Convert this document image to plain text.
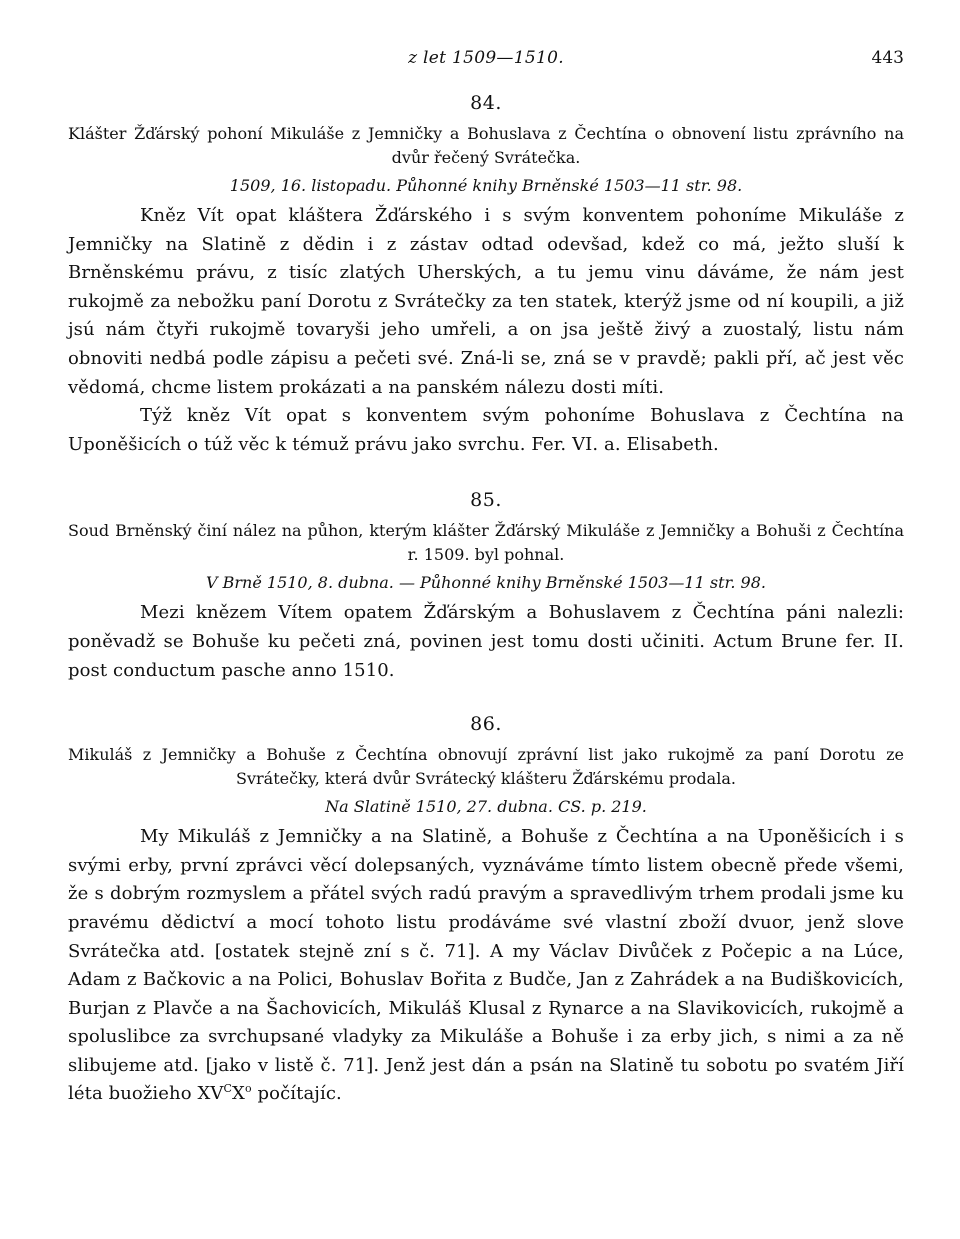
z let 1509—1510.	443
84.

Klášter Žďárský pohoní Mikuláše z Jemničky a Bohuslava z Čechtína o obnovení listu zprávního na dvůr řečený Svrátečka.

1509, 16. listopadu. Půhonné knihy Brněnské 1503—11 str. 98.

Kněz Vít opat kláštera Žďárského i s svým konventem pohoníme Mikuláše z Jemničky na Slatině z dědin i z zástav odtad odevšad, kdež co má, ježto sluší k Brněnskému právu, z tisíc zlatých Uherských, a tu jemu vinu dáváme, že nám jest rukojmě za nebožku paní Dorotu z Svrátečky za ten statek, kterýž jsme od ní koupili, a již jsú nám čtyři rukojmě tovaryši jeho umřeli, a on jsa ještě živý a zuostalý, listu nám obnoviti nedbá podle zápisu a pečeti své. Zná-li se, zná se v pravdě; pakli pří, ač jest věc vědomá, chcme listem prokázati a na panském nálezu dosti míti.

Týž kněz Vít opat s konventem svým pohoníme Bohuslava z Čechtína na Uponěšicích o túž věc k témuž právu jako svrchu. Fer. VI. a. Elisabeth.

85.

Soud Brněnský činí nález na půhon, kterým klášter Žďárský Mikuláše z Jemničky a Bohuši z Čechtína r. 1509. byl pohnal.

V Brně 1510, 8. dubna. — Půhonné knihy Brněnské 1503—11 str. 98.

Mezi knězem Vítem opatem Žďárským a Bohuslavem z Čechtína páni nalezli: poněvadž se Bohuše ku pečeti zná, povinen jest tomu dosti učiniti. Actum Brune fer. II. post conductum pasche anno 1510.

86.

Mikuláš z Jemničky a Bohuše z Čechtína obnovují zprávní list jako rukojmě za paní Dorotu ze Svrátečky, která dvůr Svrátecký klášteru Žďárskému prodala.

Na Slatině 1510, 27. dubna. CS. p. 219.

My Mikuláš z Jemničky a na Slatině, a Bohuše z Čechtína a na Uponěšicích i s svými erby, první zprávci věcí dolepsaných, vyznáváme tímto listem obecně přede všemi, že s dobrým rozmyslem a přátel svých radú pravým a spravedlivým trhem prodali jsme ku pravému dědictví a mocí tohoto listu prodáváme své vlastní zboží dvuor, jenž slove Svrátečka atd. [ostatek stejně zní s č. 71]. A my Václav Divůček z Počepic a na Lúce, Adam z Bačkovic a na Polici, Bohuslav Bořita z Budče, Jan z Zahrádek a na Budiškovicích, Burjan z Plavče a na Šachovicích, Mikuláš Klusal z Rynarce a na Slavikovicích, rukojmě a spoluslibce za svrchupsané vladyky za Mikuláše a Bohuše i za erby jich, s nimi a za ně slibujeme atd. [jako v listě č. 71]. Jenž jest dán a psán na Slatině tu sobotu po svatém Jiří léta buožieho $XV^CX^o$ počítajíc.
